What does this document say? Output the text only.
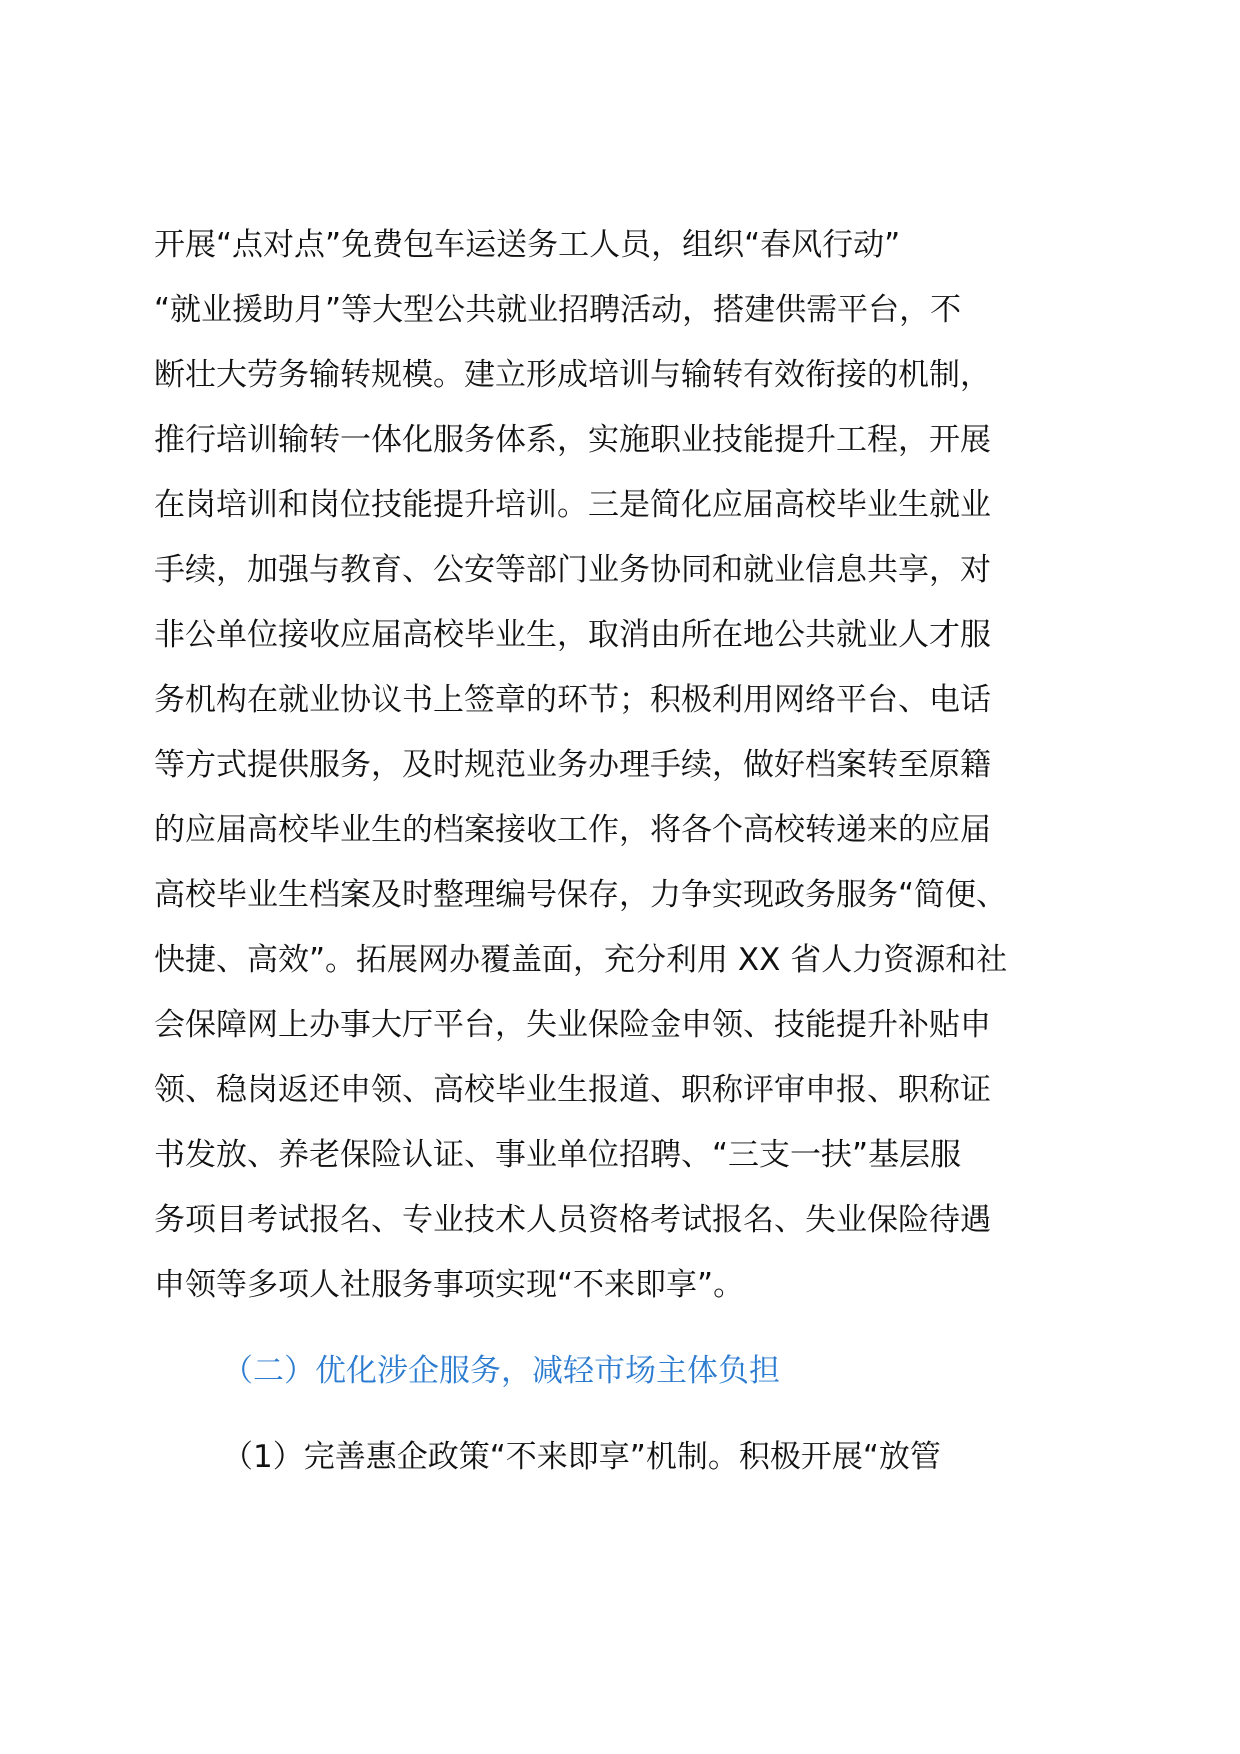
开展“点对点”免费包车运送务工人员，组织“春风行动”
“就业援助月”等大型公共就业招聘活动，搭建供需平台，不
断壮大劳务输转规模。建立形成培训与输转有效衔接的机制，
推行培训输转一体化服务体系，实施职业技能提升工程，开展
在岗培训和岗位技能提升培训。三是简化应届高校毕业生就业
手续，加强与教育、公安等部门业务协同和就业信息共享，对
非公单位接收应届高校毕业生，取消由所在地公共就业人才服
务机构在就业协议书上签章的环节；积极利用网络平台、电话
等方式提供服务，及时规范业务办理手续，做好档案转至原籍
的应届高校毕业生的档案接收工作，将各个高校转递来的应届
高校毕业生档案及时整理编号保存，力争实现政务服务“简便、
快捷、高效”。拓展网办覆盖面，充分利用 XX 省人力资源和社
会保障网上办事大厅平台，失业保险金申领、技能提升补贴申
领、稳岗返还申领、高校毕业生报道、职称评审申报、职称证
书发放、养老保险认证、事业单位招聘、“三支一扶”基层服
务项目考试报名、专业技术人员资格考试报名、失业保险待遇
申领等多项人社服务事项实现“不来即享”。
（二）优化涉企服务，减轻市场主体负担
（1）完善惠企政策“不来即享”机制。积极开展“放管
